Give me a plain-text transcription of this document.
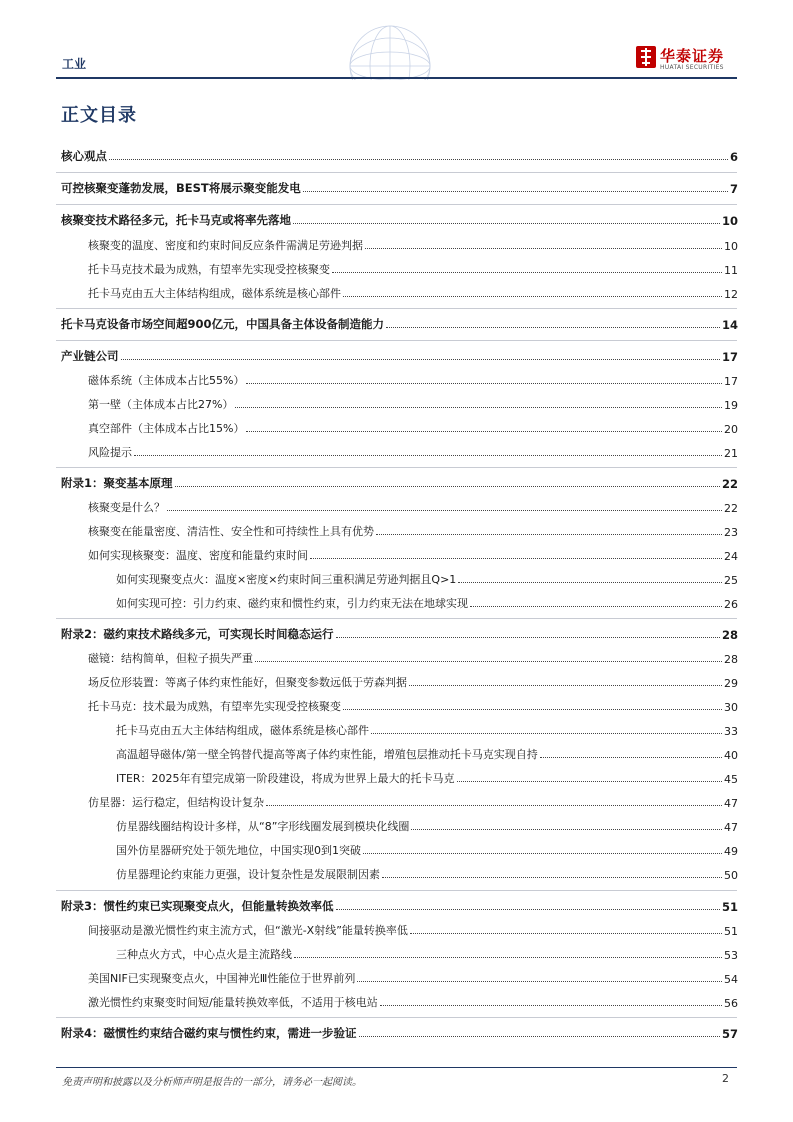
工业	华泰证券
HUATAI SECURITIES
正文目录
核心观点	6
可控核聚变蓬勃发展，BEST将展示聚变能发电	7
核聚变技术路径多元，托卡马克或将率先落地	10
核聚变的温度、密度和约束时间反应条件需满足劳逊判据	10
托卡马克技术最为成熟，有望率先实现受控核聚变	11
托卡马克由五大主体结构组成，磁体系统是核心部件	12
托卡马克设备市场空间超900亿元，中国具备主体设备制造能力	14
产业链公司	17
磁体系统（主体成本占比55%）	17
第一壁（主体成本占比27%）	19
真空部件（主体成本占比15%）	20
风险提示	21
附录1：聚变基本原理	22
核聚变是什么？	22
核聚变在能量密度、清洁性、安全性和可持续性上具有优势	23
如何实现核聚变：温度、密度和能量约束时间	24
如何实现聚变点火：温度×密度×约束时间三重积满足劳逊判据且Q>1	25
如何实现可控：引力约束、磁约束和惯性约束，引力约束无法在地球实现	26
附录2：磁约束技术路线多元，可实现长时间稳态运行	28
磁镜：结构简单，但粒子损失严重	28
场反位形装置：等离子体约束性能好，但聚变参数远低于劳森判据	29
托卡马克：技术最为成熟，有望率先实现受控核聚变	30
托卡马克由五大主体结构组成，磁体系统是核心部件	33
高温超导磁体/第一壁全钨替代提高等离子体约束性能，增殖包层推动托卡马克实现自持	40
ITER：2025年有望完成第一阶段建设，将成为世界上最大的托卡马克	45
仿星器：运行稳定，但结构设计复杂	47
仿星器线圈结构设计多样，从“8”字形线圈发展到模块化线圈	47
国外仿星器研究处于领先地位，中国实现0到1突破	49
仿星器理论约束能力更强，设计复杂性是发展限制因素	50
附录3：惯性约束已实现聚变点火，但能量转换效率低	51
间接驱动是激光惯性约束主流方式，但“激光-X射线”能量转换率低	51
三种点火方式，中心点火是主流路线	53
美国NIF已实现聚变点火，中国神光Ⅲ性能位于世界前列	54
激光惯性约束聚变时间短/能量转换效率低，不适用于核电站	56
附录4：磁惯性约束结合磁约束与惯性约束，需进一步验证	57
免责声明和披露以及分析师声明是报告的一部分，请务必一起阅读。	2
